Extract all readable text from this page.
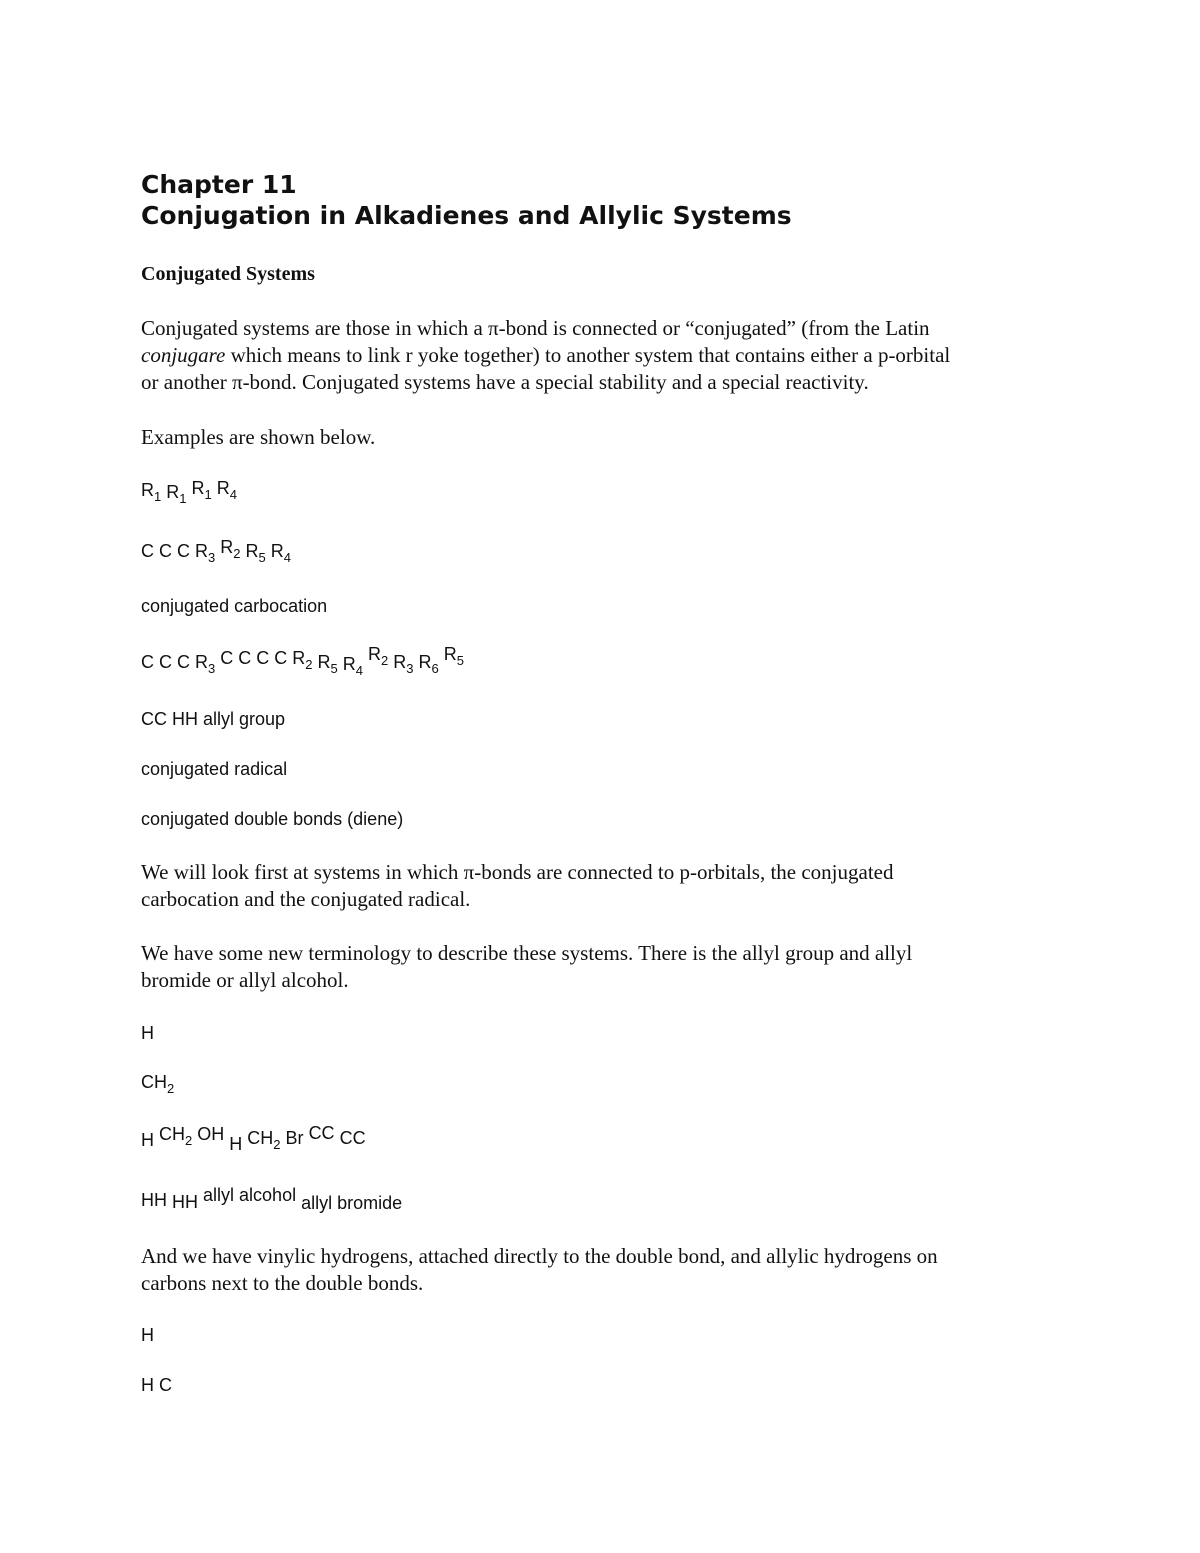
Chapter 11
Conjugation in Alkadienes and Allylic Systems
Conjugated Systems
Conjugated systems are those in which a π-bond is connected or “conjugated” (from the Latin
conjugare which means to link r yoke together) to another system that contains either a p-orbital
or another π-bond. Conjugated systems have a special stability and a special reactivity.
Examples are shown below.
$R_1$ $R_1$ R1 R4
C C C $R_3$ R2 $R_5$ $R_4$
conjugated carbocation
C C C $R_3$ C C C C R2 $R_5$ $R_4$ R2 $R_3$ $R_6$ R5
CC HH allyl group
conjugated radical
conjugated double bonds (diene)
We will look first at systems in which π-bonds are connected to p-orbitals, the conjugated
carbocation and the conjugated radical.
We have some new terminology to describe these systems. There is the allyl group and allyl
bromide or allyl alcohol.
H
$CH_2$
H CH2 OH H $CH_2$ Br CC CC
HH HH allyl alcohol allyl bromide
And we have vinylic hydrogens, attached directly to the double bond, and allylic hydrogens on
carbons next to the double bonds.
H
H C
